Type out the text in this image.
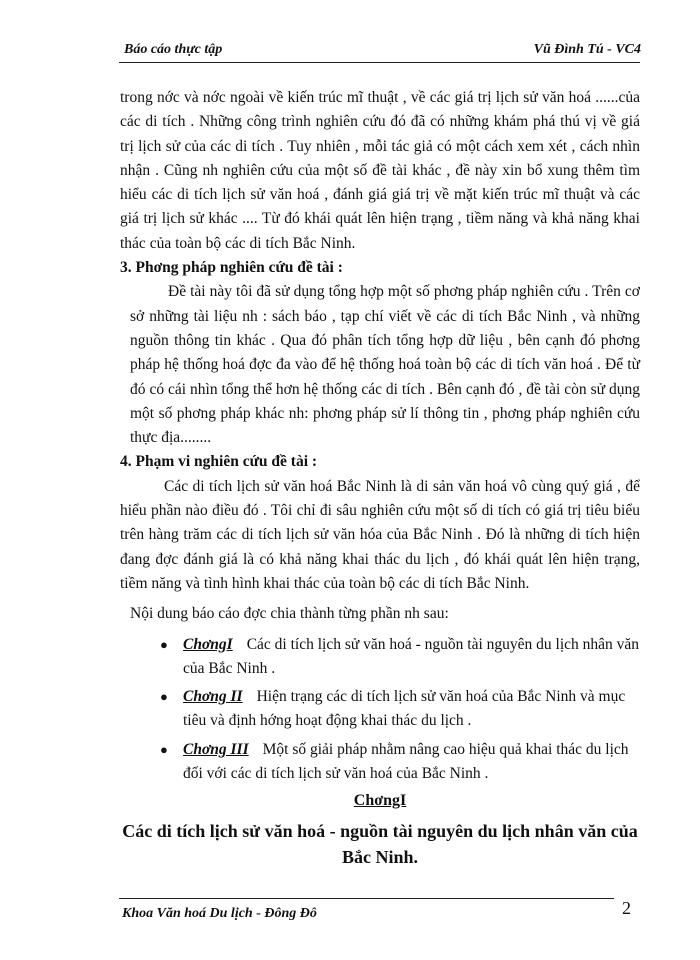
Báo cáo thực tập	Vũ Đình Tú - VC4

trong nớc và nớc ngoài về kiến trúc mĩ thuật , về các giá trị lịch sử văn hoá ......của các di tích . Những công trình nghiên cứu đó đã có những khám phá thú vị về giá trị lịch sử của các di tích . Tuy nhiên , mỗi tác giả có một cách xem xét , cách nhìn nhận . Cũng nh nghiên cứu của một số đề tài khác , đề này xin bổ xung thêm tìm hiểu các di tích lịch sử văn hoá , đánh giá giá trị về mặt kiến trúc mĩ thuật và các giá trị lịch sử khác .... Từ đó khái quát lên hiện trạng , tiềm năng và khả năng khai thác của toàn bộ các di tích Bắc Ninh.

3. Phơng pháp nghiên cứu đề tài :

Đề tài này tôi đã sử dụng tổng hợp một số phơng pháp nghiên cứu . Trên cơ sở những tài liệu nh : sách báo , tạp chí viết về các di tích Bắc Ninh , và những nguồn thông tin khác . Qua đó phân tích tổng hợp dữ liệu , bên cạnh đó phơng pháp hệ thống hoá đợc đa vào để hệ thống hoá toàn bộ các di tích văn hoá . Để từ đó có cái nhìn tổng thể hơn hệ thống các di tích . Bên cạnh đó , đề tài còn sử dụng một số phơng pháp khác nh: phơng pháp sử lí thông tin , phơng pháp nghiên cứu thực địa........

4. Phạm vi nghiên cứu đề tài :

Các di tích lịch sử văn hoá Bắc Ninh là di sản văn hoá vô cùng quý giá , để hiểu phần nào điều đó . Tôi chỉ đi sâu nghiên cứu một số di tích có giá trị tiêu biểu trên hàng trăm các di tích lịch sử văn hóa của Bắc Ninh . Đó là những di tích hiện đang đợc đánh giá là có khả năng khai thác du lịch , đó khái quát lên hiện trạng, tiềm năng và tình hình khai thác của toàn bộ các di tích Bắc Ninh.

Nội dung báo cáo đợc chia thành từng phần nh sau:

● ChơngI Các di tích lịch sử văn hoá - nguồn tài nguyên du lịch nhân văn của Bắc Ninh .
● Chơng II Hiện trạng các di tích lịch sử văn hoá của Bắc Ninh và mục tiêu và định hớng hoạt động khai thác du lịch .
● Chơng III Một số giải pháp nhằm nâng cao hiệu quả khai thác du lịch đối với các di tích lịch sử văn hoá của Bắc Ninh .
ChơngI
Các di tích lịch sử văn hoá - nguồn tài nguyên du lịch nhân văn của Bắc Ninh.
Khoa Văn hoá Du lịch - Đông Đô	2
